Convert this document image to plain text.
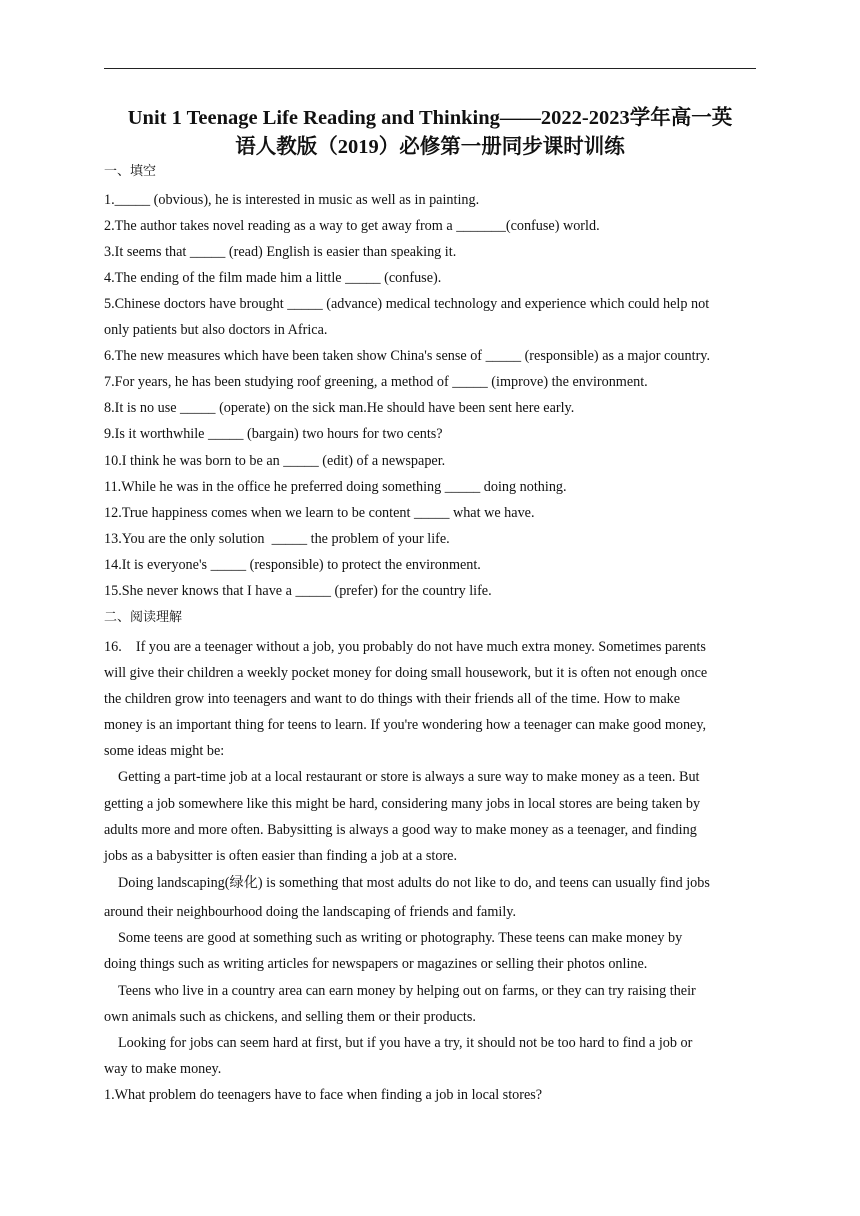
Unit 1 Teenage Life Reading and Thinking——2022-2023学年高一英
语人教版（2019）必修第一册同步课时训练
一、填空
1._____ (obvious), he is interested in music as well as in painting.
2.The author takes novel reading as a way to get away from a _______(confuse) world.
3.It seems that _____ (read) English is easier than speaking it.
4.The ending of the film made him a little _____ (confuse).
5.Chinese doctors have brought _____ (advance) medical technology and experience which could help not
only patients but also doctors in Africa.
6.The new measures which have been taken show China's sense of _____ (responsible) as a major country.
7.For years, he has been studying roof greening, a method of _____ (improve) the environment.
8.It is no use _____ (operate) on the sick man.He should have been sent here early.
9.Is it worthwhile _____ (bargain) two hours for two cents?
10.I think he was born to be an _____ (edit) of a newspaper.
11.While he was in the office he preferred doing something _____ doing nothing.
12.True happiness comes when we learn to be content _____ what we have.
13.You are the only solution  _____ the problem of your life.
14.It is everyone's _____ (responsible) to protect the environment.
15.She never knows that I have a _____ (prefer) for the country life.
二、阅读理解
16.    If you are a teenager without a job, you probably do not have much extra money. Sometimes parents
will give their children a weekly pocket money for doing small housework, but it is often not enough once
the children grow into teenagers and want to do things with their friends all of the time. How to make
money is an important thing for teens to learn. If you're wondering how a teenager can make good money,
some ideas might be:
Getting a part-time job at a local restaurant or store is always a sure way to make money as a teen. But
getting a job somewhere like this might be hard, considering many jobs in local stores are being taken by
adults more and more often. Babysitting is always a good way to make money as a teenager, and finding
jobs as a babysitter is often easier than finding a job at a store.
Doing landscaping(绿化) is something that most adults do not like to do, and teens can usually find jobs
around their neighbourhood doing the landscaping of friends and family.
Some teens are good at something such as writing or photography. These teens can make money by
doing things such as writing articles for newspapers or magazines or selling their photos online.
Teens who live in a country area can earn money by helping out on farms, or they can try raising their
own animals such as chickens, and selling them or their products.
Looking for jobs can seem hard at first, but if you have a try, it should not be too hard to find a job or
way to make money.
1.What problem do teenagers have to face when finding a job in local stores?
